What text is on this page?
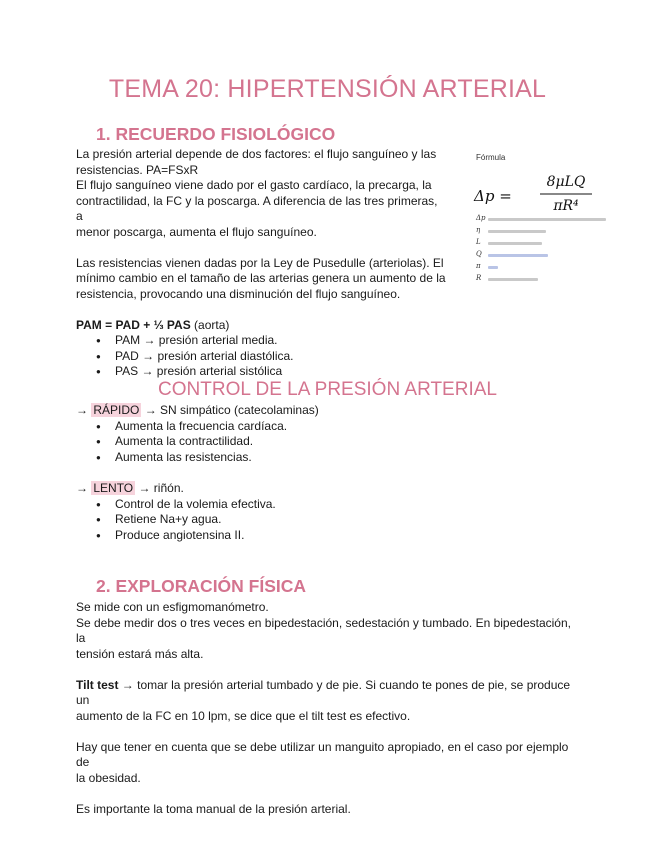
TEMA 20: HIPERTENSIÓN ARTERIAL
1. RECUERDO FISIOLÓGICO

La presión arterial depende de dos factores: el flujo sanguíneo y las

resistencias. PA=FSxR

El flujo sanguíneo viene dado por el gasto cardíaco, la precarga, la

contractilidad, la FC y la poscarga. A diferencia de las tres primeras, a

menor poscarga, aumenta el flujo sanguíneo.

Las resistencias vienen dadas por la Ley de Pusedulle (arteriolas). El

mínimo cambio en el tamaño de las arterias genera un aumento de la

resistencia, provocando una disminución del flujo sanguíneo.

PAM = PAD + ⅓ PAS (aorta)

● PAM → presión arterial media.
● PAD → presión arterial diastólica.
● PAS → presión arterial sistólica
Fórmula
Δp =
8μLQ
πR⁴
Δp
η
L
Q
π
R
CONTROL DE LA PRESIÓN ARTERIAL

→ RÁPIDO → SN simpático (catecolaminas)

● Aumenta la frecuencia cardíaca.
● Aumenta la contractilidad.
● Aumenta las resistencias.

→ LENTO → riñón.

● Control de la volemia efectiva.
● Retiene Na+y agua.
● Produce angiotensina II.
2. EXPLORACIÓN FÍSICA

Se mide con un esfigmomanómetro.

Se debe medir dos o tres veces en bipedestación, sedestación y tumbado. En bipedestación, la

tensión estará más alta.

Tilt test → tomar la presión arterial tumbado y de pie. Si cuando te pones de pie, se produce un

aumento de la FC en 10 lpm, se dice que el tilt test es efectivo.

Hay que tener en cuenta que se debe utilizar un manguito apropiado, en el caso por ejemplo de

la obesidad.

Es importante la toma manual de la presión arterial.
